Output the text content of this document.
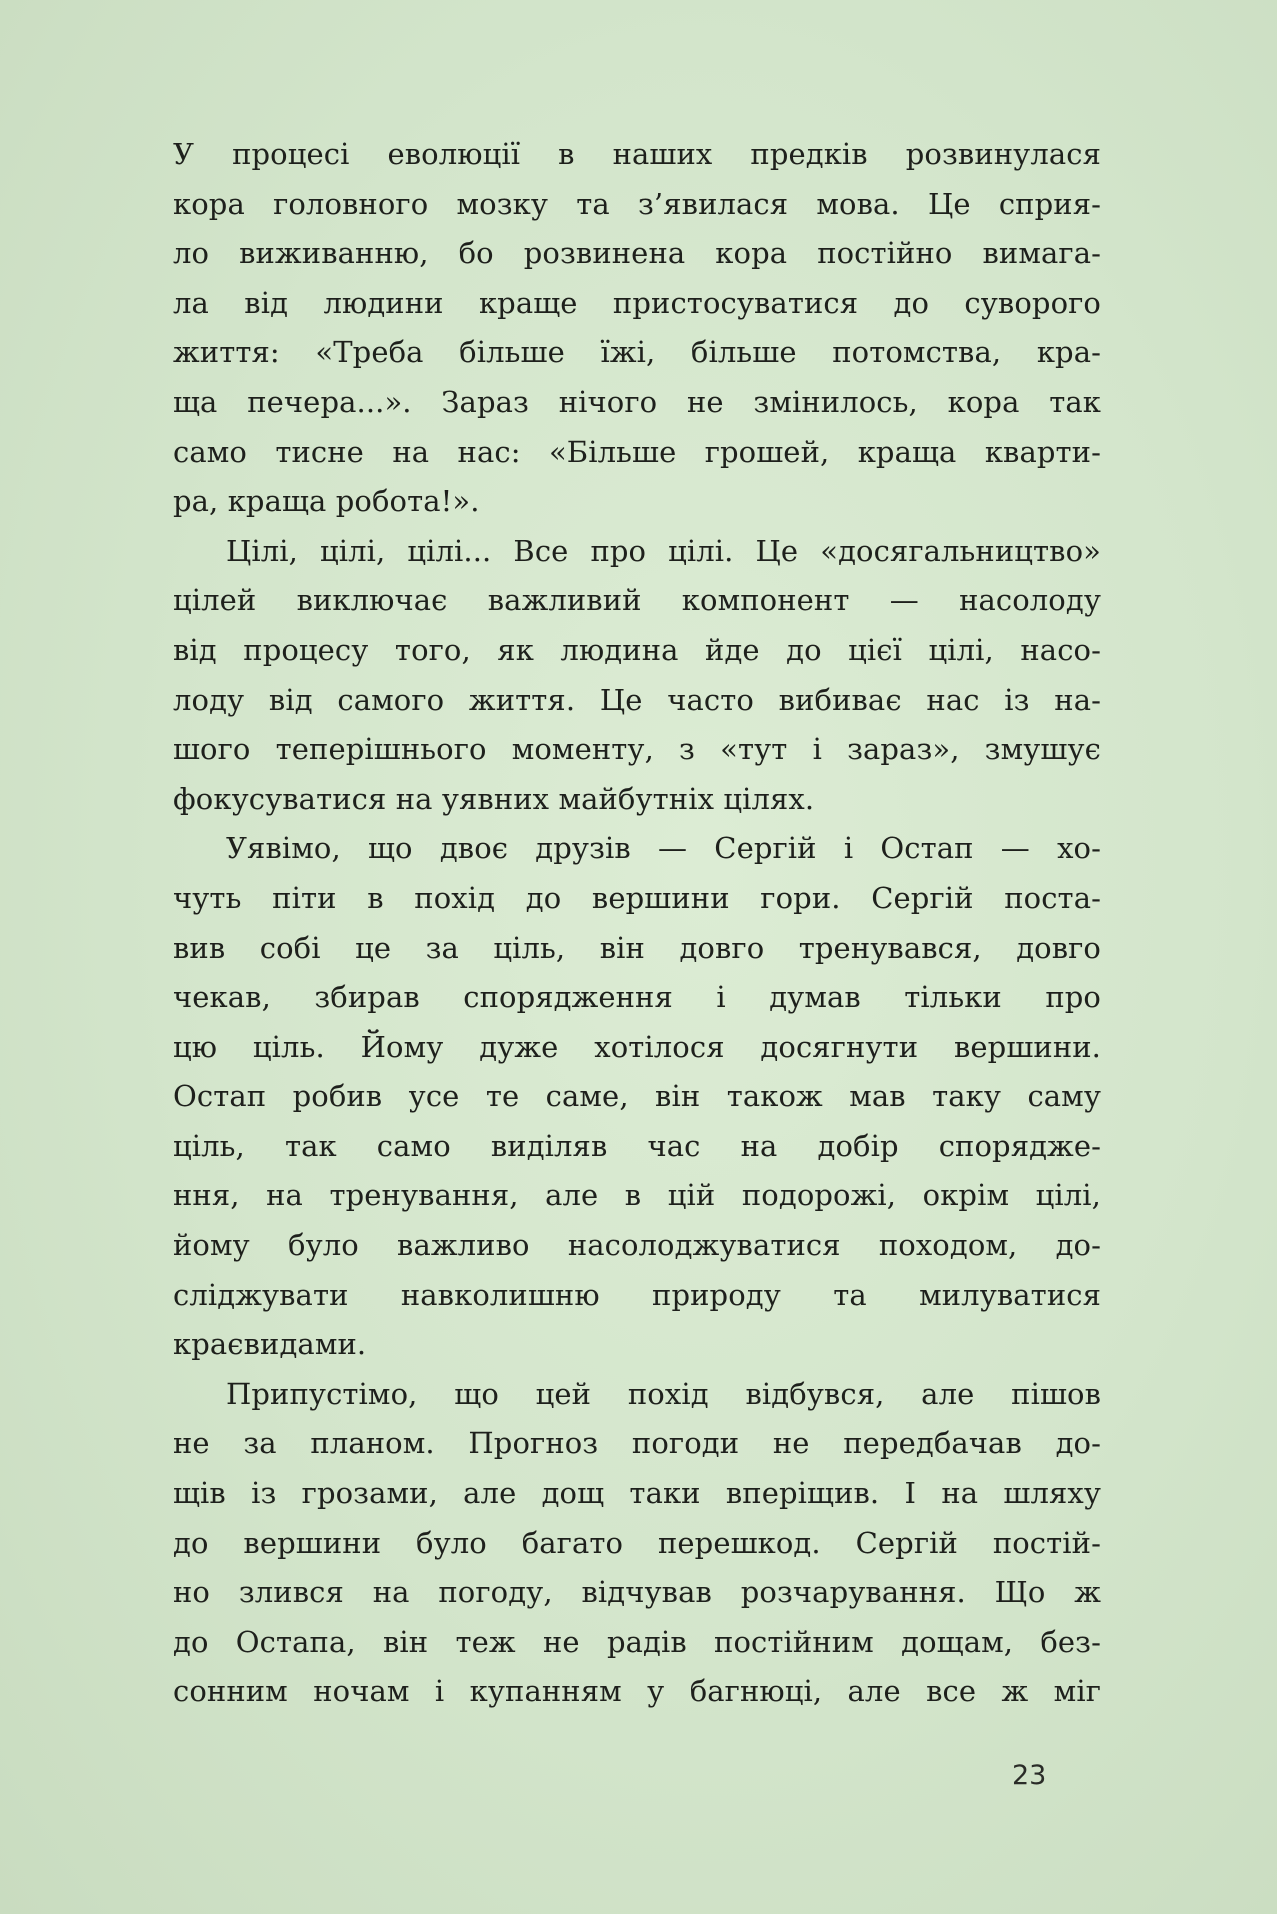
У процесі еволюції в наших предків розвинулася
кора головного мозку та з’явилася мова. Це сприя-
ло виживанню, бо розвинена кора постійно вимага-
ла від людини краще пристосуватися до суворого
життя: «Треба більше їжі, більше потомства, кра-
ща печера...». Зараз нічого не змінилось, кора так
само тисне на нас: «Більше грошей, краща кварти-
ра, краща робота!».
Цілі, цілі, цілі... Все про цілі. Це «досягальництво»
цілей виключає важливий компонент — насолоду
від процесу того, як людина йде до цієї цілі, насо-
лоду від самого життя. Це часто вибиває нас із на-
шого теперішнього моменту, з «тут і зараз», змушує
фокусуватися на уявних майбутніх цілях.
Уявімо, що двоє друзів — Сергій і Остап — хо-
чуть піти в похід до вершини гори. Сергій поста-
вив собі це за ціль, він довго тренувався, довго
чекав, збирав спорядження і думав тільки про
цю ціль. Йому дуже хотілося досягнути вершини.
Остап робив усе те саме, він також мав таку саму
ціль, так само виділяв час на добір спорядже-
ння, на тренування, але в цій подорожі, окрім цілі,
йому було важливо насолоджуватися походом, до-
сліджувати навколишню природу та милуватися
краєвидами.
Припустімо, що цей похід відбувся, але пішов
не за планом. Прогноз погоди не передбачав до-
щів із грозами, але дощ таки вперіщив. І на шляху
до вершини було багато перешкод. Сергій постій-
но злився на погоду, відчував розчарування. Що ж
до Остапа, він теж не радів постійним дощам, без-
сонним ночам і купанням у багнюці, але все ж міг
23
